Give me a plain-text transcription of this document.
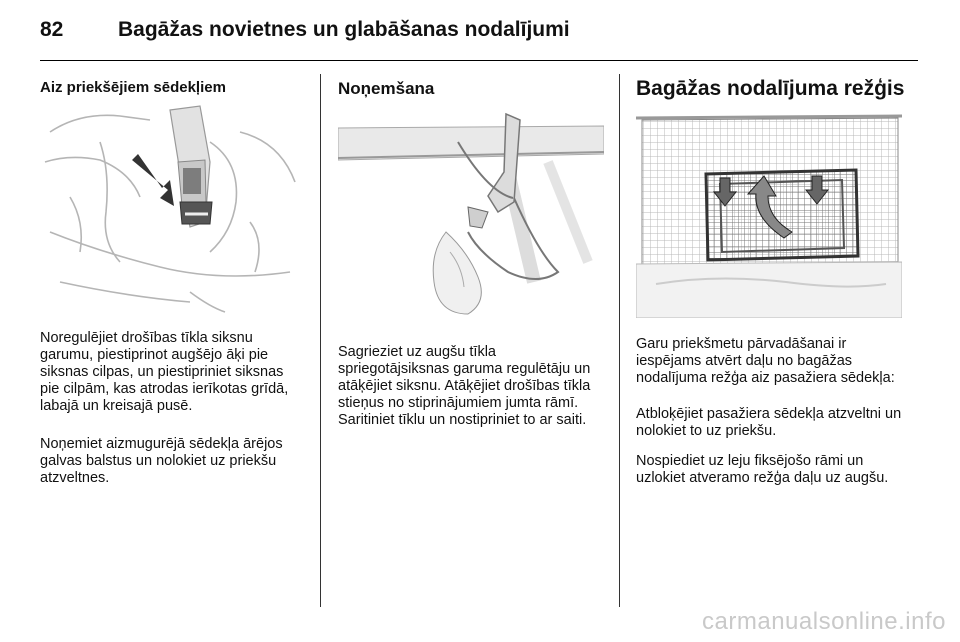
82	Bagāžas novietnes un glabāšanas nodalījumi
Aiz priekšējiem sēdekļiem

Noregulējiet drošības tīkla siksnu garumu, piestiprinot augšējo āķi pie siksnas cilpas, un piestipriniet siksnas pie cilpām, kas atrodas ierīkotas grīdā, labajā un kreisajā pusē.

Noņemiet aizmugurējā sēdekļa ārējos galvas balstus un nolokiet uz priekšu atzveltnes.

Noņemšana

Sagrieziet uz augšu tīkla spriegotājsiksnas garuma regulētāju un atāķējiet siksnu. Atāķējiet drošības tīkla stieņus no stiprinājumiem jumta rāmī. Saritiniet tīklu un nostipriniet to ar saiti.

Bagāžas nodalījuma režģis

Garu priekšmetu pārvadāšanai ir iespējams atvērt daļu no bagāžas nodalījuma režģa aiz pasažiera sēdekļa:

Atbloķējiet pasažiera sēdekļa atzveltni un nolokiet to uz priekšu.

Nospiediet uz leju fiksējošo rāmi un uzlokiet atveramo režģa daļu uz augšu.

carmanualsonline.info
